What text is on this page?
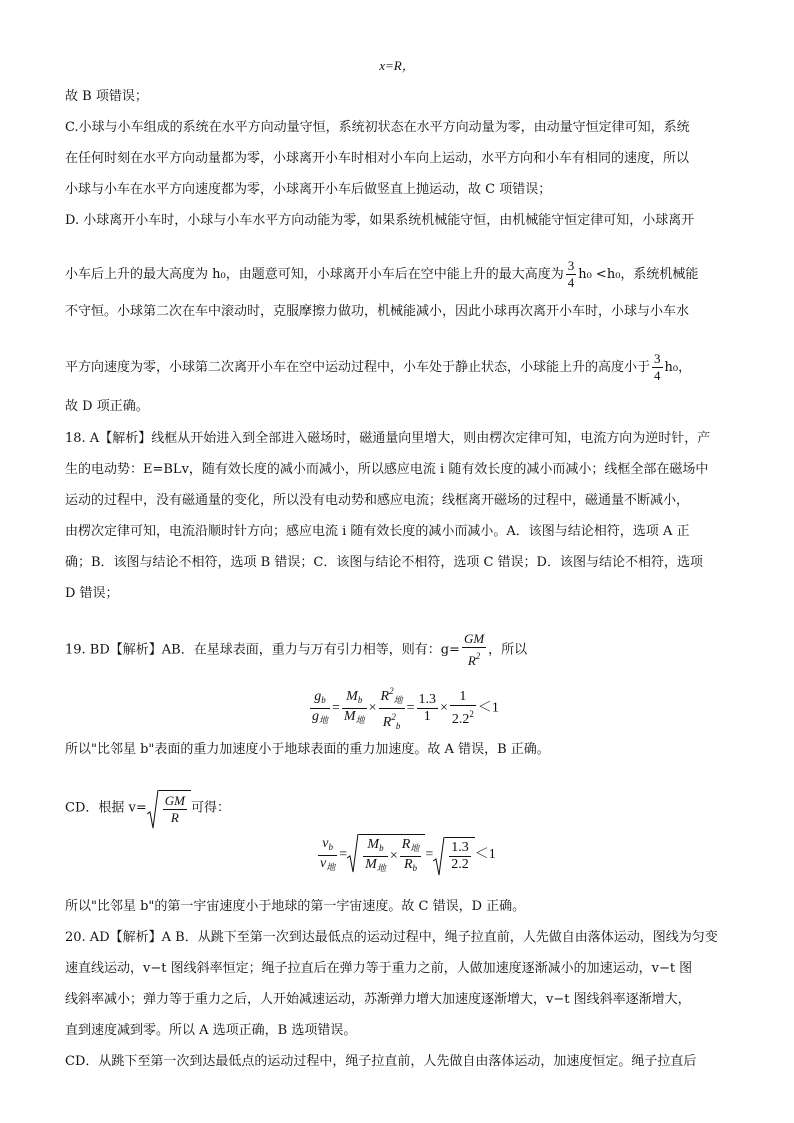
x=R，
故 B 项错误；
C.小球与小车组成的系统在水平方向动量守恒，系统初状态在水平方向动量为零，由动量守恒定律可知，系统
在任何时刻在水平方向动量都为零，小球离开小车时相对小车向上运动，水平方向和小车有相同的速度，所以
小球与小车在水平方向速度都为零，小球离开小车后做竖直上抛运动，故 C 项错误；
D. 小球离开小车时，小球与小车水平方向动能为零，如果系统机械能守恒，由机械能守恒定律可知，小球离开
小车后上升的最大高度为 h₀，由题意可知，小球离开小车后在空中能上升的最大高度为 $\frac{3}{4} h_0 <h_0$，系统机械能
不守恒。小球第二次在车中滚动时，克服摩擦力做功，机械能减小，因此小球再次离开小车时，小球与小车水
平方向速度为零，小球第二次离开小车在空中运动过程中，小车处于静止状态，小球能上升的高度小于 $\frac{3}{4} h_0$，
故 D 项正确。
18. A【解析】线框从开始进入到全部进入磁场时，磁通量向里增大，则由楞次定律可知，电流方向为逆时针，产
生的电动势：E=BLv，随有效长度的减小而减小，所以感应电流 i 随有效长度的减小而减小；线框全部在磁场中
运动的过程中，没有磁通量的变化，所以没有电动势和感应电流；线框离开磁场的过程中，磁通量不断减小，
由楞次定律可知，电流沿顺时针方向；感应电流 i 随有效长度的减小而减小。A．该图与结论相符，选项 A 正
确；B．该图与结论不相符，选项 B 错误；C．该图与结论不相符，选项 C 错误；D．该图与结论不相符，选项
D 错误；
19. BD【解析】AB．在星球表面，重力与万有引力相等，则有：$g= \frac{GM}{R^2}$ ，所以
$g_b$
$g_地$
=
$M_b$
$M_地$
×
$R^2_地$
$R^2_b$
= $\frac{1.3}{1} \times \frac{1}{2.2^2} <1$
所以"比邻星 b"表面的重力加速度小于地球表面的重力加速度。故 A 错误，B 正确。
CD．根据 $v= \frac{GM}{R}$ 可得：
$v_b$
$v_地$
=
$M_b$
$M_地$
×
$R_地$
$R_b$
= $\frac{1.3}{2.2} <1$
所以"比邻星 b"的第一宇宙速度小于地球的第一宇宙速度。故 C 错误，D 正确。
20. AD【解析】A B．从跳下至第一次到达最低点的运动过程中，绳子拉直前，人先做自由落体运动，图线为匀变
速直线运动，v−t 图线斜率恒定；绳子拉直后在弹力等于重力之前，人做加速度逐渐减小的加速运动，v−t 图
线斜率减小；弹力等于重力之后，人开始减速运动，苏渐弹力增大加速度逐渐增大，v−t 图线斜率逐渐增大，
直到速度减到零。所以 A 选项正确，B 选项错误。
CD．从跳下至第一次到达最低点的运动过程中，绳子拉直前，人先做自由落体运动，加速度恒定。绳子拉直后
